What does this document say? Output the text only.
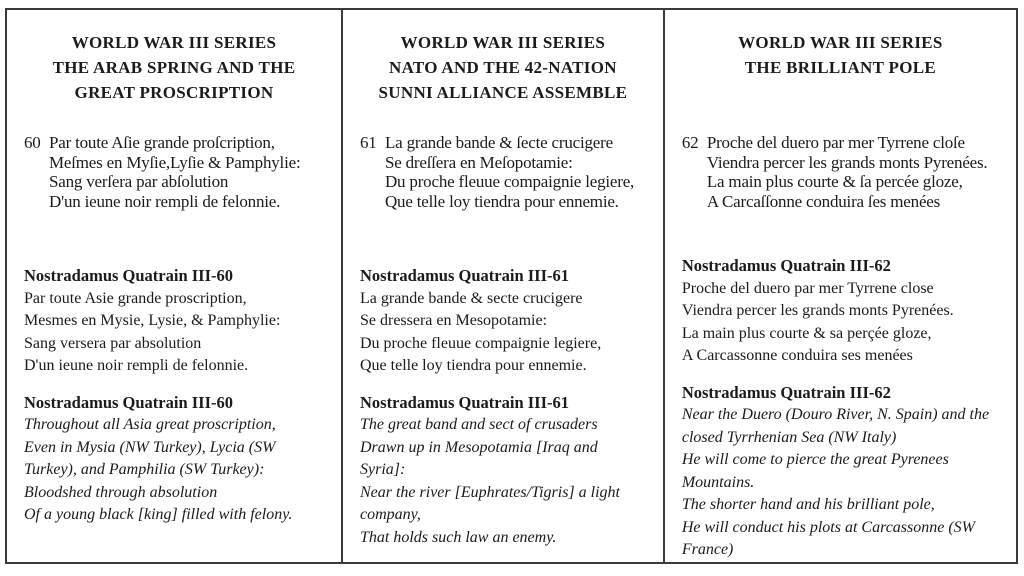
WORLD WAR III SERIES
THE ARAB SPRING AND THE
GREAT PROSCRIPTION
60 Par toute Aſie grande proſcription,
Meſmes en Myſie,Lyſie & Pamphylie:
Sang verſera par abſolution
D'un ieune noir rempli de felonnie.
Nostradamus Quatrain III-60
Par toute Asie grande proscription,
Mesmes en Mysie, Lysie, & Pamphylie:
Sang versera par absolution
D'un ieune noir rempli de felonnie.
Nostradamus Quatrain III-60
Throughout all Asia great proscription,
Even in Mysia (NW Turkey), Lycia (SW Turkey), and Pamphilia (SW Turkey):
Bloodshed through absolution
Of a young black [king] filled with felony.
WORLD WAR III SERIES
NATO AND THE 42-NATION
SUNNI ALLIANCE ASSEMBLE
61 La grande bande & ſecte crucigere
Se dreſſera en Meſopotamie:
Du proche fleuue compaignie legiere,
Que telle loy tiendra pour ennemie.
Nostradamus Quatrain III-61
La grande bande & secte crucigere
Se dressera en Mesopotamie:
Du proche fleuue compaignie legiere,
Que telle loy tiendra pour ennemie.
Nostradamus Quatrain III-61
The great band and sect of crusaders
Drawn up in Mesopotamia [Iraq and Syria]:
Near the river [Euphrates/Tigris] a light company,
That holds such law an enemy.
WORLD WAR III SERIES
THE BRILLIANT POLE
62 Proche del duero par mer Tyrrene cloſe
Viendra percer les grands monts Pyrenées.
La main plus courte & ſa percée gloze,
A Carcaſſonne conduira ſes menées
Nostradamus Quatrain III-62
Proche del duero par mer Tyrrene close
Viendra percer les grands monts Pyrenées.
La main plus courte & sa perçée gloze,
A Carcassonne conduira ses menées
Nostradamus Quatrain III-62
Near the Duero (Douro River, N. Spain) and the closed Tyrrhenian Sea (NW Italy)
He will come to pierce the great Pyrenees Mountains.
The shorter hand and his brilliant pole,
He will conduct his plots at Carcassonne (SW France)
